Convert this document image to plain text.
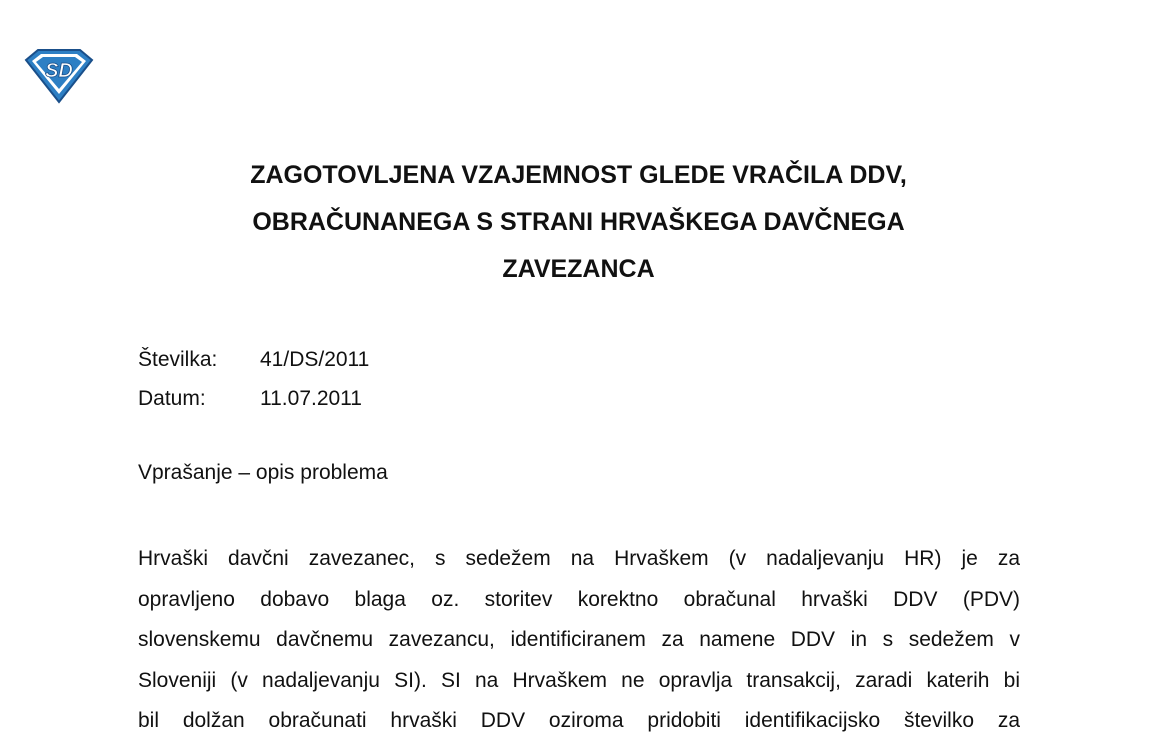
SD
ZAGOTOVLJENA VZAJEMNOST GLEDE VRAČILA DDV,
OBRAČUNANEGA S STRANI HRVAŠKEGA DAVČNEGA
ZAVEZANCA
Številka: 41/DS/2011
Datum:	11.07.2011
Vprašanje – opis problema
Hrvaški davčni zavezanec, s sedežem na Hrvaškem (v nadaljevanju HR) je za
opravljeno dobavo blaga oz. storitev korektno obračunal hrvaški DDV (PDV)
slovenskemu davčnemu zavezancu, identificiranem za namene DDV in s sedežem v
Sloveniji (v nadaljevanju SI). SI na Hrvaškem ne opravlja transakcij, zaradi katerih bi
bil dolžan obračunati hrvaški DDV oziroma pridobiti identifikacijsko številko za
